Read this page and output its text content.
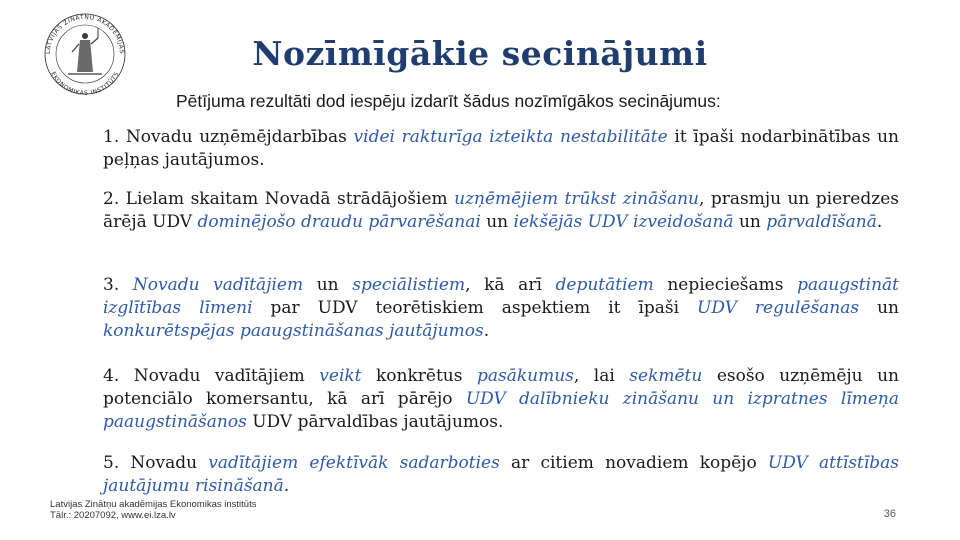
LATVIJAS ZINĀTŅU AKADĒMIJAS
EKONOMIKAS INSTITŪTS
Nozīmīgākie secinājumi
Pētījuma rezultāti dod iespēju izdarīt šādus nozīmīgākos secinājumus:
1. Novadu uzņēmējdarbības videi rakturīga izteikta nestabilitāte it īpaši nodarbinātības un peļņas jautājumos.
2. Lielam skaitam Novadā strādājošiem uzņēmējiem trūkst zināšanu, prasmju un pieredzes ārējā UDV dominējošo draudu pārvarēšanai un iekšējās UDV izveidošanā un pārvaldīšanā.
3. Novadu vadītājiem un speciālistiem, kā arī deputātiem nepieciešams paaugstināt izglītības līmeni par UDV teorētiskiem aspektiem it īpaši UDV regulēšanas un konkurētspējas paaugstināšanas jautājumos.
4. Novadu vadītājiem veikt konkrētus pasākumus, lai sekmētu esošo uzņēmēju un potenciālo komersantu, kā arī pārējo UDV dalībnieku zināšanu un izpratnes līmeņa paaugstināšanos UDV pārvaldības jautājumos.
5. Novadu vadītājiem efektīvāk sadarboties ar citiem novadiem kopējo UDV attīstības jautājumu risināšanā.
Latvijas Zinātņu akadēmijas Ekonomikas institūts
Tālr.: 20207092, www.ei.lza.lv	36
